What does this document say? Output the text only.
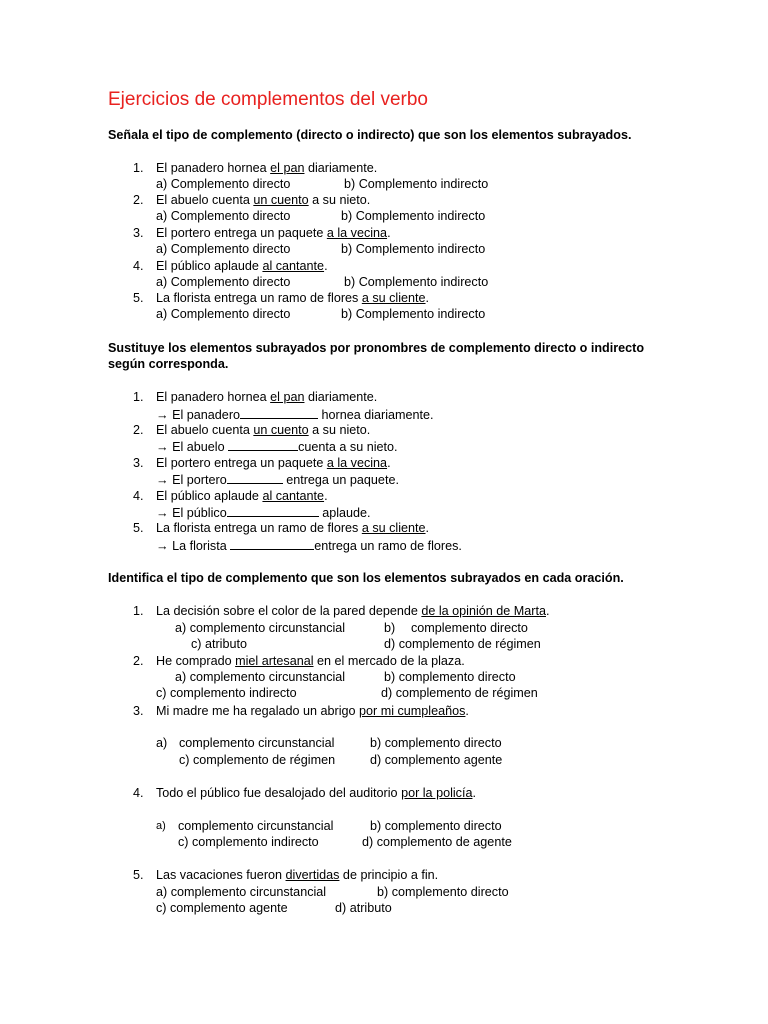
Ejercicios de complementos del verbo
Señala el tipo de complemento (directo o indirecto) que son los elementos subrayados.
1. El panadero hornea el pan diariamente.
a) Complemento directo	b) Complemento indirecto
2. El abuelo cuenta un cuento a su nieto.
a) Complemento directo	b) Complemento indirecto
3. El portero entrega un paquete a la vecina.
a) Complemento directo	b) Complemento indirecto
4. El público aplaude al cantante.
a) Complemento directo	b) Complemento indirecto
5. La florista entrega un ramo de flores a su cliente.
a) Complemento directo	b) Complemento indirecto
Sustituye los elementos subrayados por pronombres de complemento directo o indirecto
según corresponda.
1. El panadero hornea el pan diariamente.
→ El panadero	hornea diariamente.
2. El abuelo cuenta un cuento a su nieto.
→ El abuelo	cuenta a su nieto.
3. El portero entrega un paquete a la vecina.
→ El portero	entrega un paquete.
4. El público aplaude al cantante.
→ El público	aplaude.
5. La florista entrega un ramo de flores a su cliente.
→ La florista	entrega un ramo de flores.
Identifica el tipo de complemento que son los elementos subrayados en cada oración.
1. La decisión sobre el color de la pared depende de la opinión de Marta.
a) complemento circunstancial	b) complemento directo
c) atributo	d) complemento de régimen
2. He comprado miel artesanal en el mercado de la plaza.
a) complemento circunstancial	b) complemento directo
c) complemento indirecto	d) complemento de régimen
3. Mi madre me ha regalado un abrigo por mi cumpleaños.
a) complemento circunstancial	b) complemento directo
c) complemento de régimen	d) complemento agente
4. Todo el público fue desalojado del auditorio por la policía.
a) complemento circunstancial	b) complemento directo
c) complemento indirecto	d) complemento de agente
5. Las vacaciones fueron divertidas de principio a fin.
a) complemento circunstancial	b) complemento directo
c) complemento agente	d) atributo
